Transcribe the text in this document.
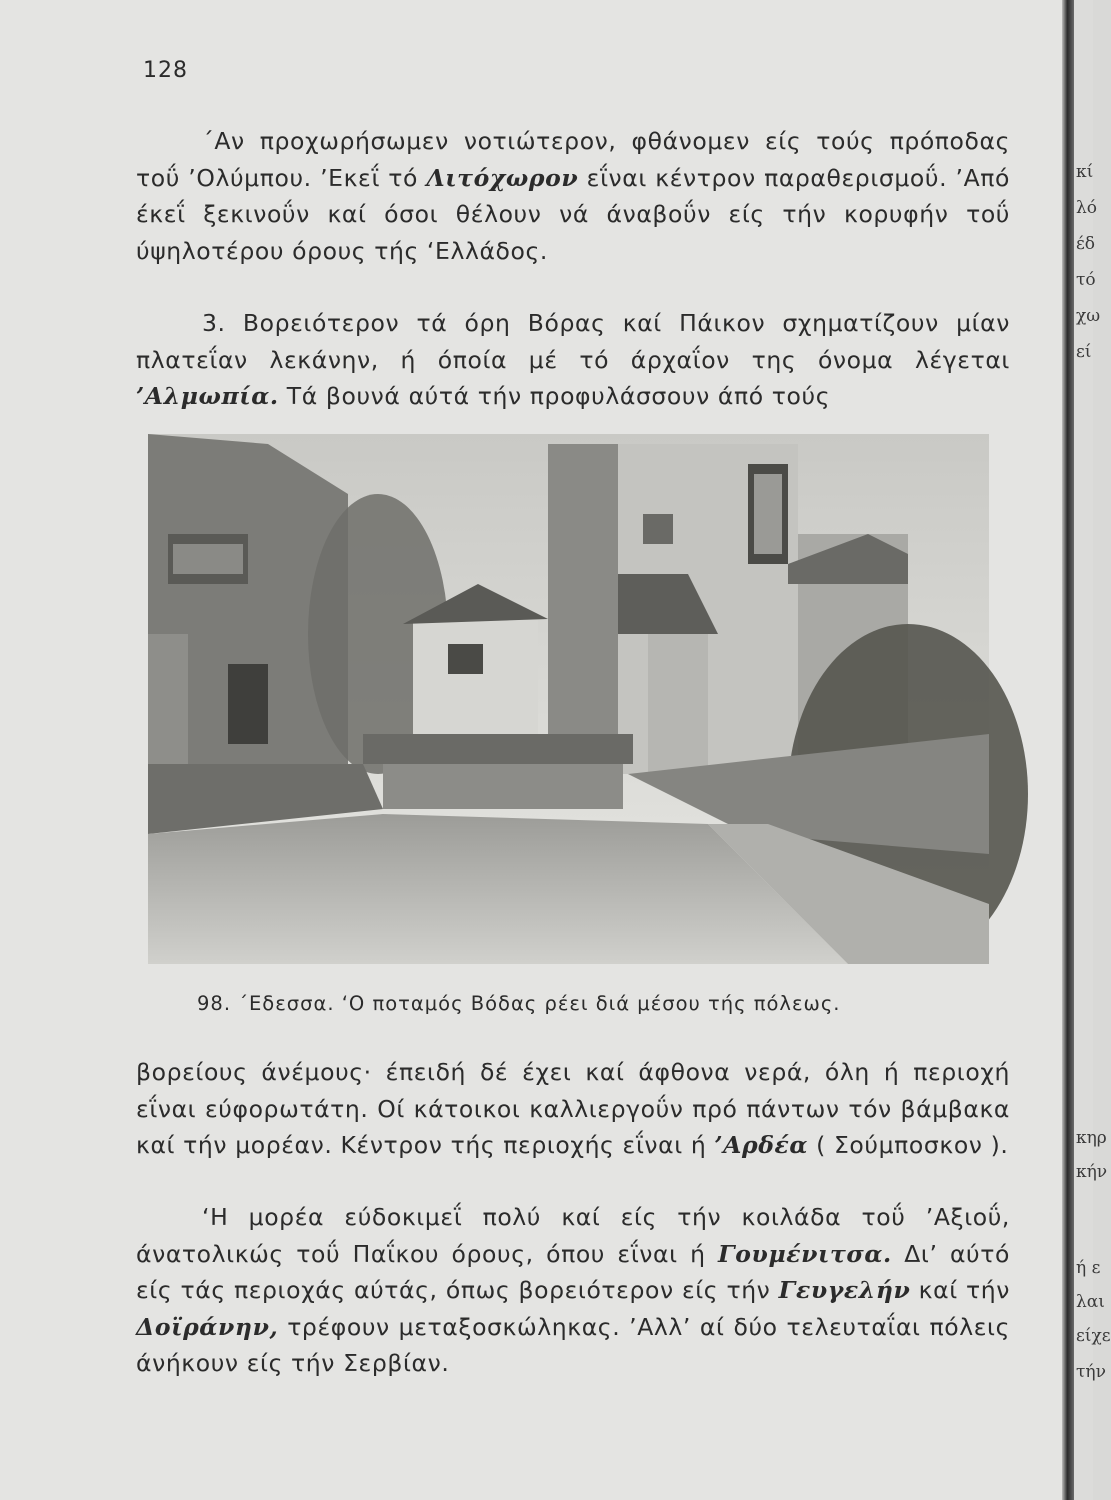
128

΄Αν προχωρήσωμεν νοτιώτερον, φθάνομεν είς τούς πρόποδας τοΰ ’Ολύμπου. ’Εκεΐ τό Λιτόχωρον εΐναι κέντρον παραθερισμοΰ. ’Από έκεΐ ξεκινοΰν καί όσοι θέλουν νά άναβοΰν είς τήν κορυφήν τοΰ ύψηλοτέρου όρους τής ‘Ελλάδος.

3. Βορειότερον τά όρη Βόρας καί Πάικον σχηματίζουν μίαν πλατεΐαν λεκάνην, ή όποία μέ τό άρχαΐον της όνομα λέγεται ’Αλμωπία. Τά βουνά αύτά τήν προφυλάσσουν άπό τούς

98. ΄Εδεσσα. ‘Ο ποταμός Βόδας ρέει διά μέσου τής πόλεως.

βορείους άνέμους· έπειδή δέ έχει καί άφθονα νερά, όλη ή περιοχή εΐναι εύφορωτάτη. Οί κάτοικοι καλλιεργοΰν πρό πάντων τόν βάμβακα καί τήν μορέαν. Κέντρον τής περιοχής εΐναι ή ’Αρδέα ( Σούμποσκον ).

‘Η μορέα εύδοκιμεΐ πολύ καί είς τήν κοιλάδα τοΰ ’Αξιοΰ, άνατολικώς τοΰ Παΐκου όρους, όπου εΐναι ή Γουμένιτσα. Δι’ αύτό είς τάς περιοχάς αύτάς, όπως βορειότερον είς τήν Γευγελήν καί τήν Δοϊράνην, τρέφουν μεταξοσκώληκας. ’Αλλ’ αί δύο τελευταΐαι πόλεις άνήκουν είς τήν Σερβίαν.

κί
λό
έδ
τό
χω
εί
κηρ
κήν
ή ε
λαι
είχε
τήν
